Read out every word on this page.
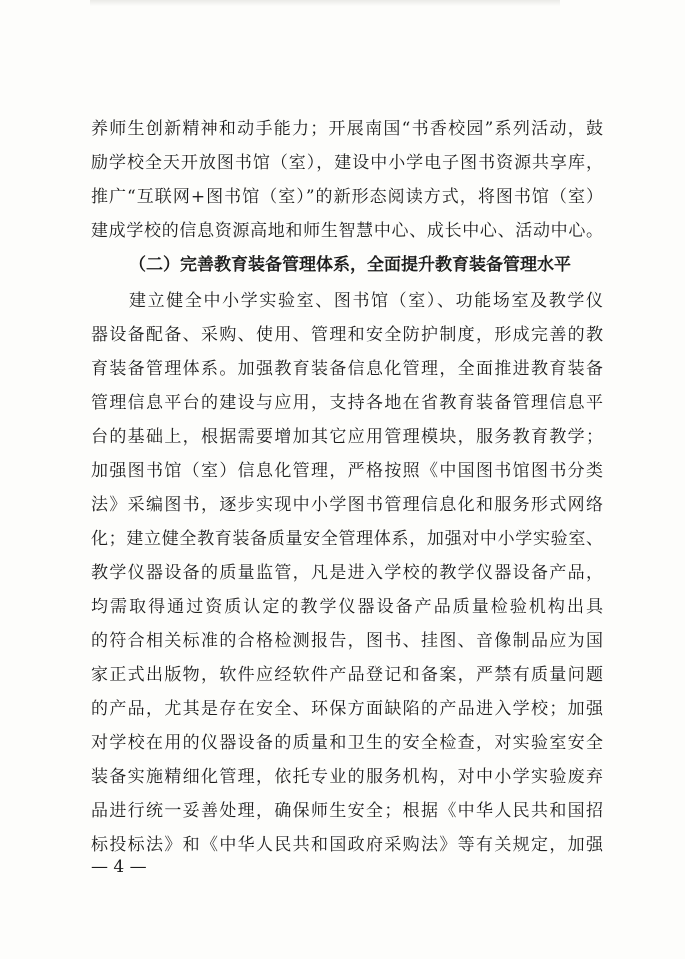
养师生创新精神和动手能力；开展南国“书香校园”系列活动，鼓
励学校全天开放图书馆（室），建设中小学电子图书资源共享库，
推广“互联网+图书馆（室）”的新形态阅读方式，将图书馆（室）
建成学校的信息资源高地和师生智慧中心、成长中心、活动中心。
（二）完善教育装备管理体系，全面提升教育装备管理水平
建立健全中小学实验室、图书馆（室）、功能场室及教学仪
器设备配备、采购、使用、管理和安全防护制度，形成完善的教
育装备管理体系。加强教育装备信息化管理，全面推进教育装备
管理信息平台的建设与应用，支持各地在省教育装备管理信息平
台的基础上，根据需要增加其它应用管理模块，服务教育教学；
加强图书馆（室）信息化管理，严格按照《中国图书馆图书分类
法》采编图书，逐步实现中小学图书管理信息化和服务形式网络
化；建立健全教育装备质量安全管理体系，加强对中小学实验室、
教学仪器设备的质量监管，凡是进入学校的教学仪器设备产品，
均需取得通过资质认定的教学仪器设备产品质量检验机构出具
的符合相关标准的合格检测报告，图书、挂图、音像制品应为国
家正式出版物，软件应经软件产品登记和备案，严禁有质量问题
的产品，尤其是存在安全、环保方面缺陷的产品进入学校；加强
对学校在用的仪器设备的质量和卫生的安全检查，对实验室安全
装备实施精细化管理，依托专业的服务机构，对中小学实验废弃
品进行统一妥善处理，确保师生安全；根据《中华人民共和国招
标投标法》和《中华人民共和国政府采购法》等有关规定，加强
— 4 —
